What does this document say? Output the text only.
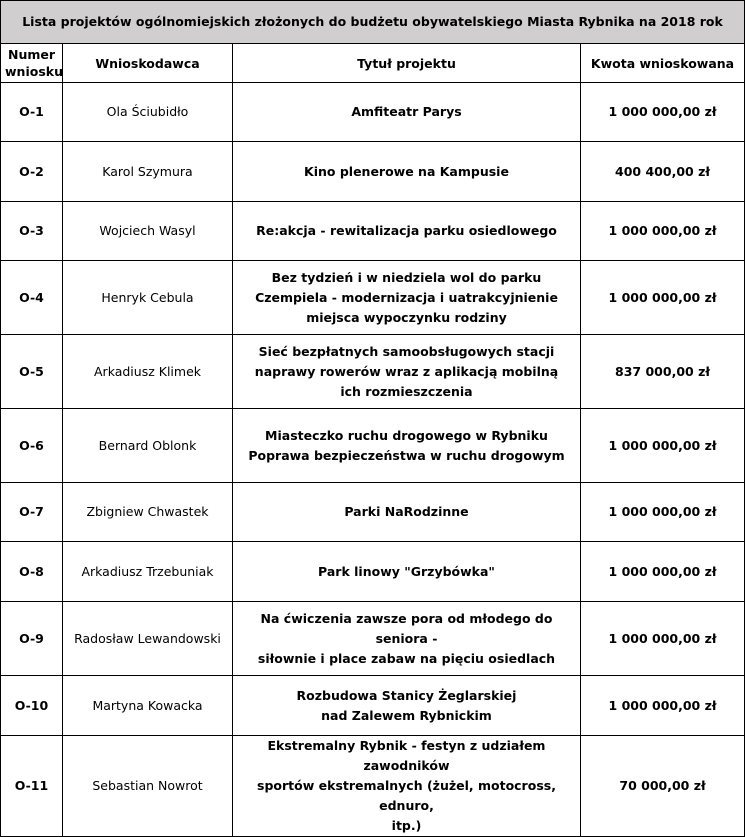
Lista projektów ogólnomiejskich złożonych do budżetu obywatelskiego Miasta Rybnika na 2018 rok			
Numer wniosku	Wnioskodawca	Tytuł projektu	Kwota wnioskowana
O-1	Ola Ściubidło	Amfiteatr Parys	1 000 000,00 zł
O-2	Karol Szymura	Kino plenerowe na Kampusie	400 400,00 zł
O-3	Wojciech Wasyl	Re:akcja - rewitalizacja parku osiedlowego	1 000 000,00 zł
O-4	Henryk Cebula	Bez tydzień i w niedziela wol do parku
Czempiela - modernizacja i uatrakcyjnienie
miejsca wypoczynku rodziny	1 000 000,00 zł
O-5	Arkadiusz Klimek	Sieć bezpłatnych samoobsługowych stacji
naprawy rowerów wraz z aplikacją mobilną
ich rozmieszczenia	837 000,00 zł
O-6	Bernard Oblonk	Miasteczko ruchu drogowego w Rybniku
Poprawa bezpieczeństwa w ruchu drogowym	1 000 000,00 zł
O-7	Zbigniew Chwastek	Parki NaRodzinne	1 000 000,00 zł
O-8	Arkadiusz Trzebuniak	Park linowy "Grzybówka"	1 000 000,00 zł
O-9	Radosław Lewandowski	Na ćwiczenia zawsze pora od młodego do seniora -
siłownie i place zabaw na pięciu osiedlach	1 000 000,00 zł
O-10	Martyna Kowacka	Rozbudowa Stanicy Żeglarskiej
nad Zalewem Rybnickim	1 000 000,00 zł
O-11	Sebastian Nowrot	Ekstremalny Rybnik - festyn z udziałem zawodników
sportów ekstremalnych (żużel, motocross, ednuro,
itp.)	70 000,00 zł
